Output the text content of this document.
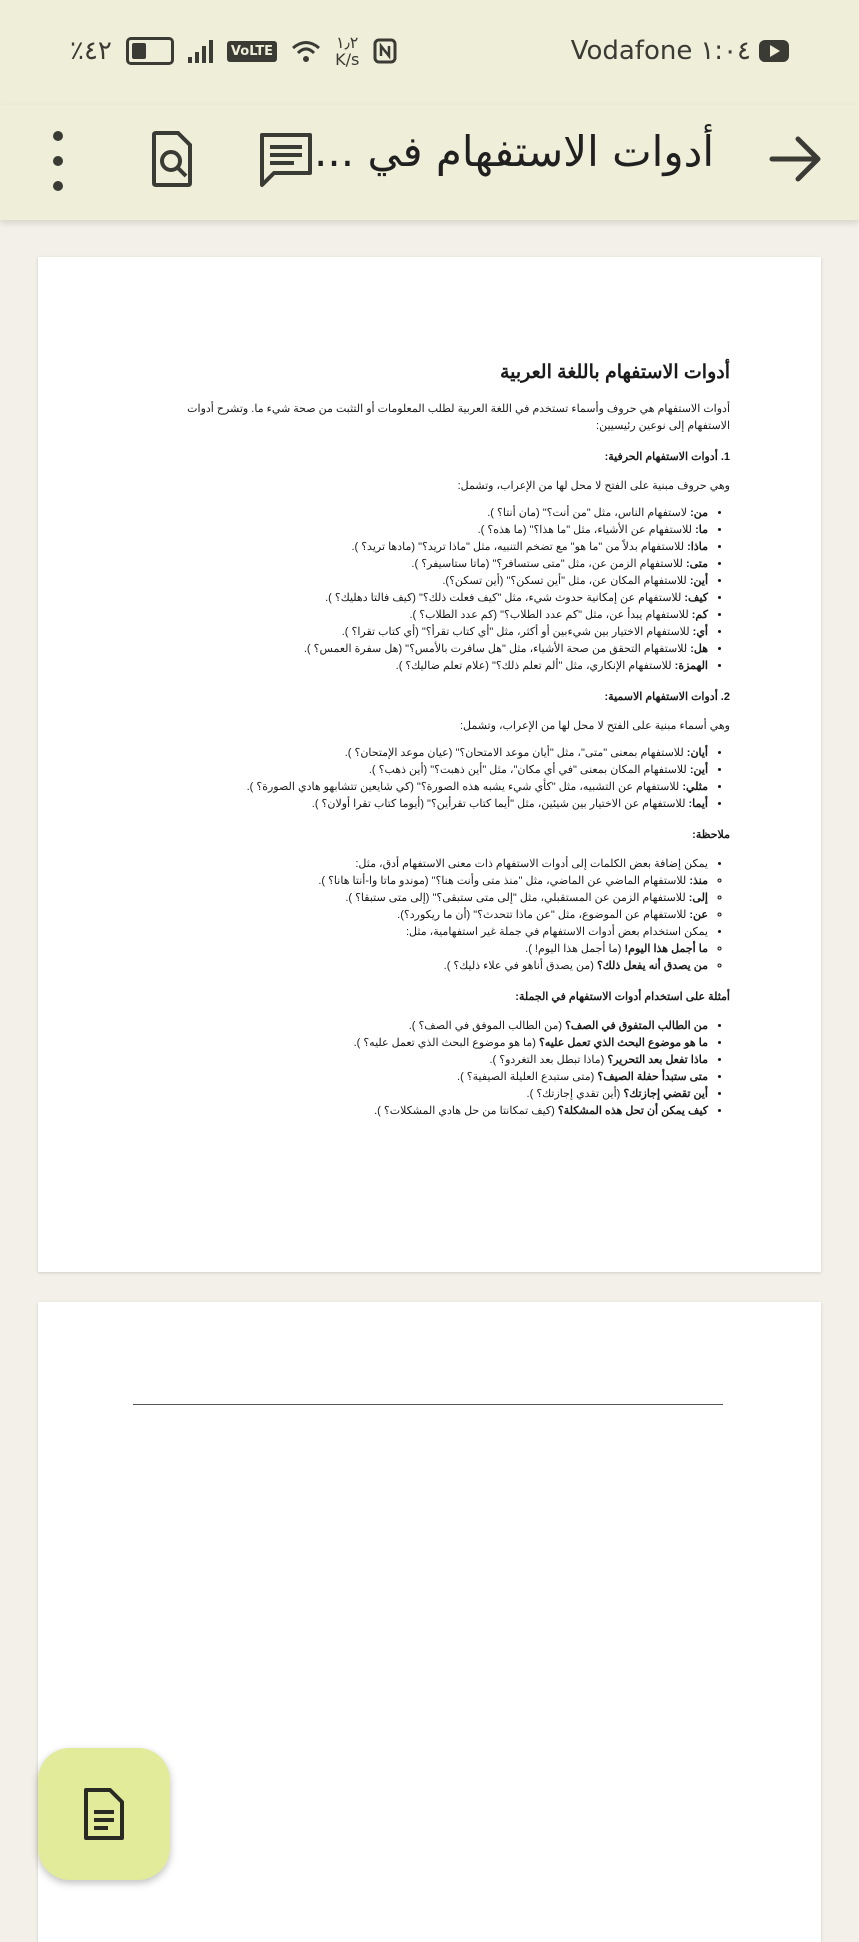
٪٤٢	VoLTE	١٫٢
K/s	Vodafone ١:٠٤
أدوات الاستفهام في ...
أدوات الاستفهام باللغة العربية

أدوات الاستفهام هي حروف وأسماء تستخدم في اللغة العربية لطلب المعلومات أو التثبت من صحة شيء ما. وتشرح أدوات الاستفهام إلى نوعين رئيسيين:

1. أدوات الاستفهام الحرفية:

وهي حروف مبنية على الفتح لا محل لها من الإعراب، وتشمل:

• من: لاستفهام الناس، مثل "من أنت؟" (مان أنتا؟ ).
• ما: للاستفهام عن الأشياء، مثل "ما هذا؟" (ما هذه؟ ).
• ماذا: للاستفهام بدلاً من "ما هو" مع تضخم التنبيه، مثل "ماذا تريد؟" (مادها تريد؟ ).
• متى: للاستفهام الزمن عن، مثل "متى ستسافر؟" (ماتا ستاسيفر؟ ).
• أين: للاستفهام المكان عن، مثل "أين تسكن؟" (أين تسكن؟).
• كيف: للاستفهام عن إمكانية حدوث شيء، مثل "كيف فعلت ذلك؟" (كيف فالتا دهليك؟ ).
• كم: للاستفهام يبدأ عن، مثل "كم عدد الطلاب؟" (كم عدد الطلاب؟ ).
• أي: للاستفهام الاختيار بين شيءبين أو أكثر، مثل "أي كتاب تقرأ؟" (أي كتاب تقرا؟ ).
• هل: للاستفهام التحقق من صحة الأشياء، مثل "هل سافرت بالأمس؟" (هل سفرة العمس؟ ).
• الهمزة: للاستفهام الإنكاري، مثل "ألم تعلم ذلك؟" (علام تعلم ضاليك؟ ).
2. أدوات الاستفهام الاسمية:

وهي أسماء مبنية على الفتح لا محل لها من الإعراب، وتشمل:

• أيان: للاستفهام بمعنى "متى"، مثل "أيان موعد الامتحان؟" (عيان موعد الإمتحان؟ ).
• أين: للاستفهام المكان بمعنى "في أي مكان"، مثل "أين ذهبت؟" (أين ذهب؟ ).
• مثلي: للاستفهام عن التشبيه، مثل "كأي شيء يشبه هذه الصورة؟" (كي شايعين تتشابهو هادي الصورة؟ ).
• أيما: للاستفهام عن الاختيار بين شيئين، مثل "أيما كتاب تقرأين؟" (أيوما كتاب تقرا أولان؟ ).
ملاحظة:
• يمكن إضافة بعض الكلمات إلى أدوات الاستفهام ذات معنى الاستفهام أدق، مثل:
◦ منذ: للاستفهام الماضي عن الماضي، مثل "منذ متى وأنت هنا؟" (موندو ماتا وا-أنتا هانا؟ ).
◦ إلى: للاستفهام الزمن عن المستقبلي، مثل "إلى متى ستبقى؟" (إلى متى ستبقا؟ ).
◦ عن: للاستفهام عن الموضوع، مثل "عن ماذا تتحدث؟" (أن ما ريكورد؟).
• يمكن استخدام بعض أدوات الاستفهام في جملة غير استفهامية، مثل:
◦ ما أجمل هذا اليوم! (ما أجمل هذا اليوم! ).
◦ من يصدق أنه يفعل ذلك؟ (من يصدق أناهو في علاء ذليك؟ ).
أمثلة على استخدام أدوات الاستفهام في الجملة:
• من الطالب المتفوق في الصف؟ (من الطالب الموفق في الصف؟ ).
• ما هو موضوع البحث الذي تعمل عليه؟ (ما هو موضوع البحث الذي تعمل عليه؟ ).
• ماذا تفعل بعد التحرير؟ (ماذا تبطل بعد التغردو؟ ).
• متى ستبدأ حفلة الصيف؟ (متى ستبدع العليلة الصيفية؟ ).
• أين تقضي إجازتك؟ (أين تقدي إجازتك؟ ).
• كيف يمكن أن تحل هذه المشكلة؟ (كيف تمكانتا من حل هادي المشكلات؟ ).
